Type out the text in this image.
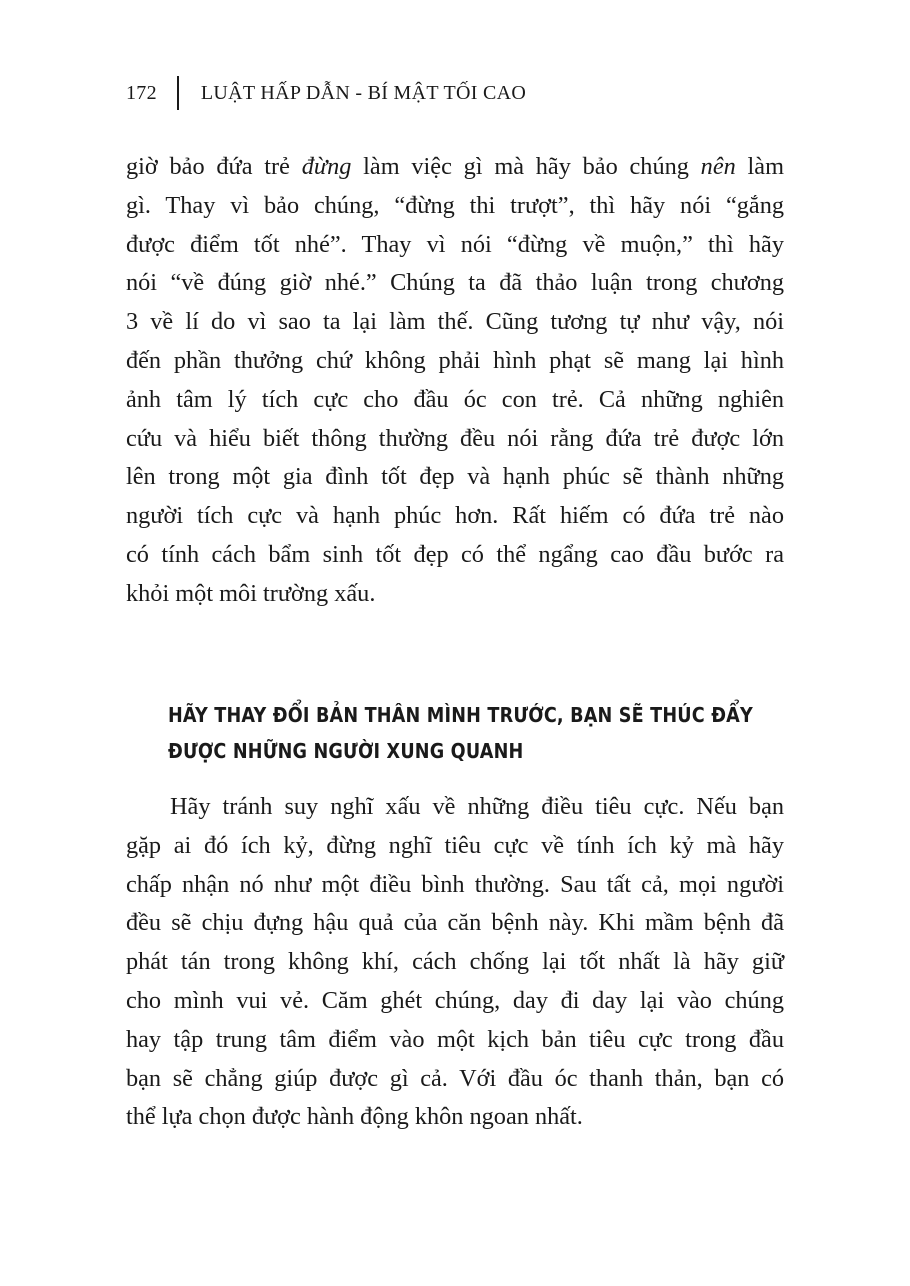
172 LUẬT HẤP DẪN - BÍ MẬT TỐI CAO
giờ bảo đứa trẻ đừng làm việc gì mà hãy bảo chúng nên làm
gì. Thay vì bảo chúng, “đừng thi trượt”, thì hãy nói “gắng
được điểm tốt nhé”. Thay vì nói “đừng về muộn,” thì hãy
nói “về đúng giờ nhé.” Chúng ta đã thảo luận trong chương
3 về lí do vì sao ta lại làm thế. Cũng tương tự như vậy, nói
đến phần thưởng chứ không phải hình phạt sẽ mang lại hình
ảnh tâm lý tích cực cho đầu óc con trẻ. Cả những nghiên
cứu và hiểu biết thông thường đều nói rằng đứa trẻ được lớn
lên trong một gia đình tốt đẹp và hạnh phúc sẽ thành những
người tích cực và hạnh phúc hơn. Rất hiếm có đứa trẻ nào
có tính cách bẩm sinh tốt đẹp có thể ngẩng cao đầu bước ra
khỏi một môi trường xấu.
HÃY THAY ĐỔI BẢN THÂN MÌNH TRƯỚC, BẠN SẼ THÚC ĐẨY
ĐƯỢC NHỮNG NGƯỜI XUNG QUANH
Hãy tránh suy nghĩ xấu về những điều tiêu cực. Nếu bạn
gặp ai đó ích kỷ, đừng nghĩ tiêu cực về tính ích kỷ mà hãy
chấp nhận nó như một điều bình thường. Sau tất cả, mọi người
đều sẽ chịu đựng hậu quả của căn bệnh này. Khi mầm bệnh đã
phát tán trong không khí, cách chống lại tốt nhất là hãy giữ
cho mình vui vẻ. Căm ghét chúng, day đi day lại vào chúng
hay tập trung tâm điểm vào một kịch bản tiêu cực trong đầu
bạn sẽ chẳng giúp được gì cả. Với đầu óc thanh thản, bạn có
thể lựa chọn được hành động khôn ngoan nhất.
